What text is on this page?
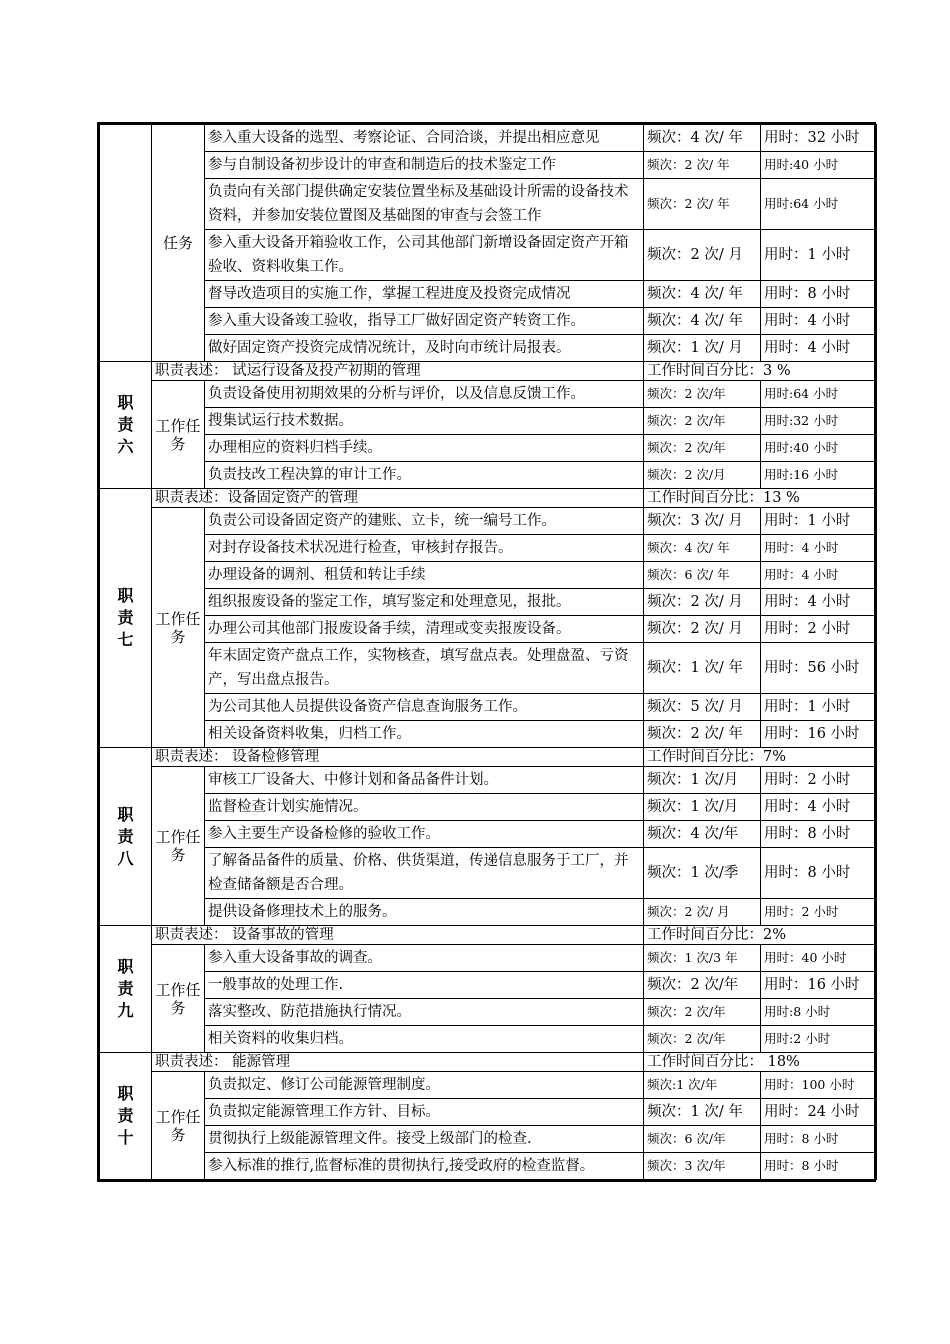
	任务	参入重大设备的选型、考察论证、合同洽谈，并提出相应意见	频次：4 次/ 年	用时：32 小时
		参与自制设备初步设计的审查和制造后的技术鉴定工作	频次：2 次/ 年	用时:40 小时
		负责向有关部门提供确定安装位置坐标及基础设计所需的设备技术资料，并参加安装位置图及基础图的审查与会签工作	频次：2 次/ 年	用时:64 小时
		参入重大设备开箱验收工作，公司其他部门新增设备固定资产开箱验收、资料收集工作。	频次：2 次/ 月	用时：1 小时
		督导改造项目的实施工作，掌握工程进度及投资完成情况	频次：4 次/ 年	用时：8 小时
		参入重大设备竣工验收，指导工厂做好固定资产转资工作。	频次：4 次/ 年	用时：4 小时
		做好固定资产投资完成情况统计，及时向市统计局报表。	频次：1 次/ 月	用时：4 小时

职
责
六	职责表述： 试运行设备及投产初期的管理		工作时间百分比：3 %	
	工作任务	负责设备使用初期效果的分析与评价，以及信息反馈工作。	频次：2 次/年	用时:64 小时
		搜集试运行技术数据。	频次：2 次/年	用时:32 小时
		办理相应的资料归档手续。	频次：2 次/年	用时:40 小时
		负责技改工程决算的审计工作。	频次：2 次/月	用时:16 小时

职
责
七	职责表述：设备固定资产的管理		工作时间百分比：13 %	
	工作任务	负责公司设备固定资产的建账、立卡，统一编号工作。	频次：3 次/ 月	用时：1 小时
		对封存设备技术状况进行检查，审核封存报告。	频次：4 次/ 年	用时：4 小时
		办理设备的调剂、租赁和转让手续	频次：6 次/ 年	用时：4 小时
		组织报废设备的鉴定工作，填写鉴定和处理意见，报批。	频次：2 次/ 月	用时：4 小时
		办理公司其他部门报废设备手续，清理或变卖报废设备。	频次：2 次/ 月	用时：2 小时
		年末固定资产盘点工作，实物核查，填写盘点表。处理盘盈、亏资产，写出盘点报告。	频次：1 次/ 年	用时：56 小时
		为公司其他人员提供设备资产信息查询服务工作。	频次：5 次/ 月	用时：1 小时
		相关设备资料收集，归档工作。	频次：2 次/ 年	用时：16 小时

职
责
八	职责表述： 设备检修管理		工作时间百分比：7%	
	工作任务	审核工厂设备大、中修计划和备品备件计划。	频次：1 次/月	用时：2 小时
		监督检查计划实施情况。	频次：1 次/月	用时：4 小时
		参入主要生产设备检修的验收工作。	频次：4 次/年	用时：8 小时
		了解备品备件的质量、价格、供货渠道，传递信息服务于工厂，并检查储备额是否合理。	频次：1 次/季	用时：8 小时
		提供设备修理技术上的服务。	频次：2 次/ 月	用时：2 小时

职
责
九	职责表述： 设备事故的管理		工作时间百分比：2%	
	工作任务	参入重大设备事故的调查。	频次：1 次/3 年	用时：40 小时
		一般事故的处理工作.	频次：2 次/年	用时：16 小时
		落实整改、防范措施执行情况。	频次：2 次/年	用时:8 小时
		相关资料的收集归档。	频次：2 次/年	用时:2 小时

职
责
十	职责表述： 能源管理		工作时间百分比： 18%	
	工作任务	负责拟定、修订公司能源管理制度。	频次:1 次/年	用时：100 小时
		负责拟定能源管理工作方针、目标。	频次：1 次/ 年	用时：24 小时
		贯彻执行上级能源管理文件。接受上级部门的检查.	频次：6 次/年	用时：8 小时
		参入标准的推行,监督标准的贯彻执行,接受政府的检查监督。	频次：3 次/年	用时：8 小时
